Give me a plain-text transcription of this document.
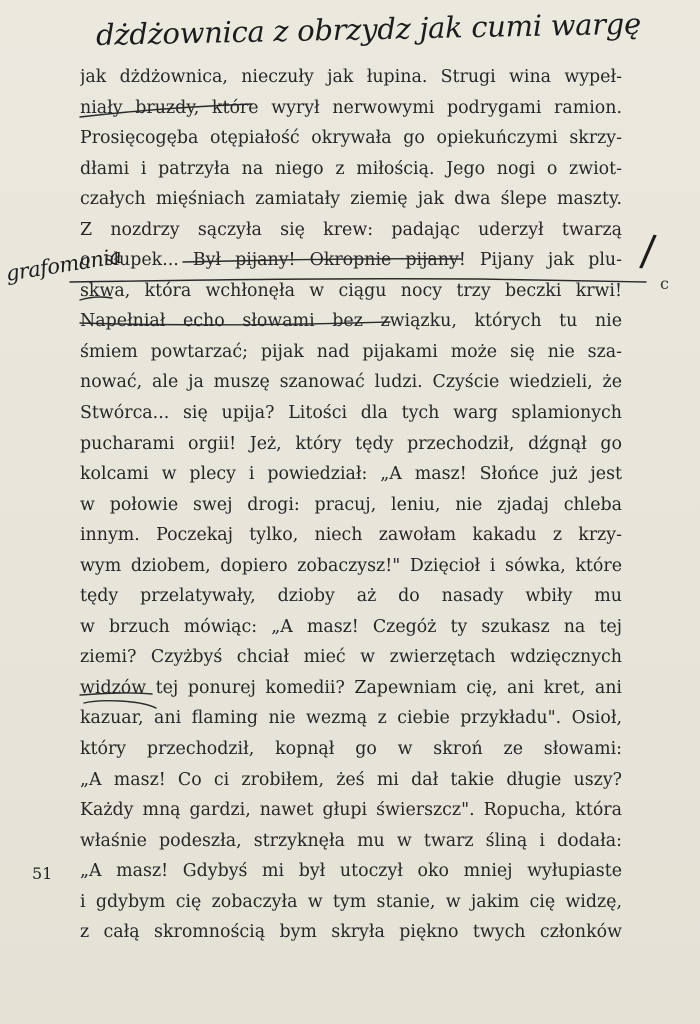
dżdżownica z obrzydz jak cumi wargę
grafomania	/
c
jak dżdżownica, nieczuły jak łupina. Strugi wina wypeł-
niały bruzdy, które wyrył nerwowymi podrygami ramion.
Prosięcogęba otępiałość okrywała go opiekuńczymi skrzy-
dłami i patrzyła na niego z miłością. Jego nogi o zwiot-
czałych mięśniach zamiatały ziemię jak dwa ślepe maszty.
Z nozdrzy sączyła się krew: padając uderzył twarzą
o słupek... Był pijany! Okropnie pijany! Pijany jak plu-
skwa, która wchłonęła w ciągu nocy trzy beczki krwi!
Napełniał echo słowami bez związku, których tu nie
śmiem powtarzać; pijak nad pijakami może się nie sza-
nować, ale ja muszę szanować ludzi. Czyście wiedzieli, że
Stwórca... się upija? Litości dla tych warg splamionych
pucharami orgii! Jeż, który tędy przechodził, dźgnął go
kolcami w plecy i powiedział: „A masz! Słońce już jest
w połowie swej drogi: pracuj, leniu, nie zjadaj chleba
innym. Poczekaj tylko, niech zawołam kakadu z krzy-
wym dziobem, dopiero zobaczysz!" Dzięcioł i sówka, które
tędy przelatywały, dzioby aż do nasady wbiły mu
w brzuch mówiąc: „A masz! Czegóż ty szukasz na tej
ziemi? Czyżbyś chciał mieć w zwierzętach wdzięcznych
widzów tej ponurej komedii? Zapewniam cię, ani kret, ani
kazuar, ani flaming nie wezmą z ciebie przykładu". Osioł,
który przechodził, kopnął go w skroń ze słowami:
„A masz! Co ci zrobiłem, żeś mi dał takie długie uszy?
Każdy mną gardzi, nawet głupi świerszcz". Ropucha, która
właśnie podeszła, strzyknęła mu w twarz śliną i dodała:
„A masz! Gdybyś mi był utoczył oko mniej wyłupiaste
i gdybym cię zobaczyła w tym stanie, w jakim cię widzę,
z całą skromnością bym skryła piękno twych członków
51
